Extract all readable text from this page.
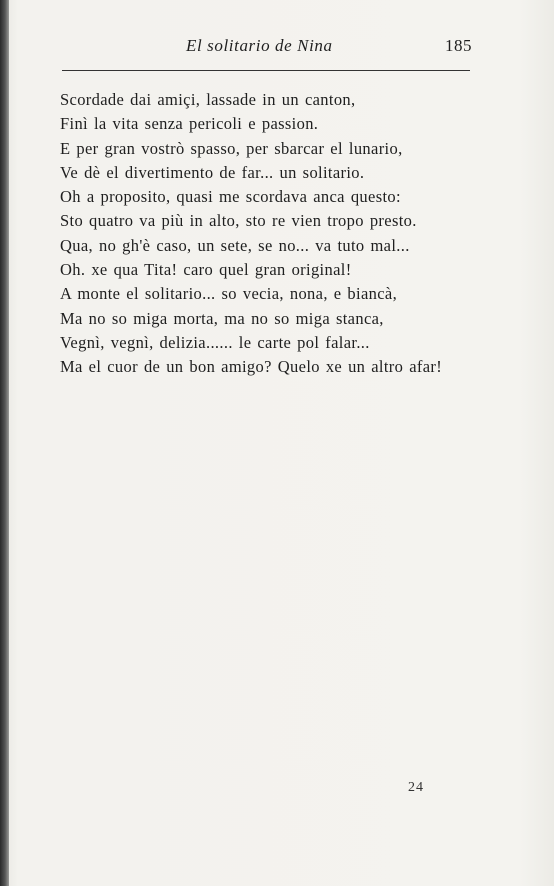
El solitario de Nina	185
Scordade dai amiçi, lassade in un canton,
Finì la vita senza pericoli e passion.
E per gran vostrò spasso, per sbarcar el lunario,
Ve dè el divertimento de far... un solitario.
Oh a proposito, quasi me scordava anca questo:
Sto quatro va più in alto, sto re vien tropo presto.
Qua, no gh'è caso, un sete, se no... va tuto mal...
Oh. xe qua Tita! caro quel gran original!
A monte el solitario... so vecia, nona, e biancà,
Ma no so miga morta, ma no so miga stanca,
Vegnì, vegnì, delizia...... le carte pol falar...
Ma el cuor de un bon amigo? Quelo xe un altro afar!
24
